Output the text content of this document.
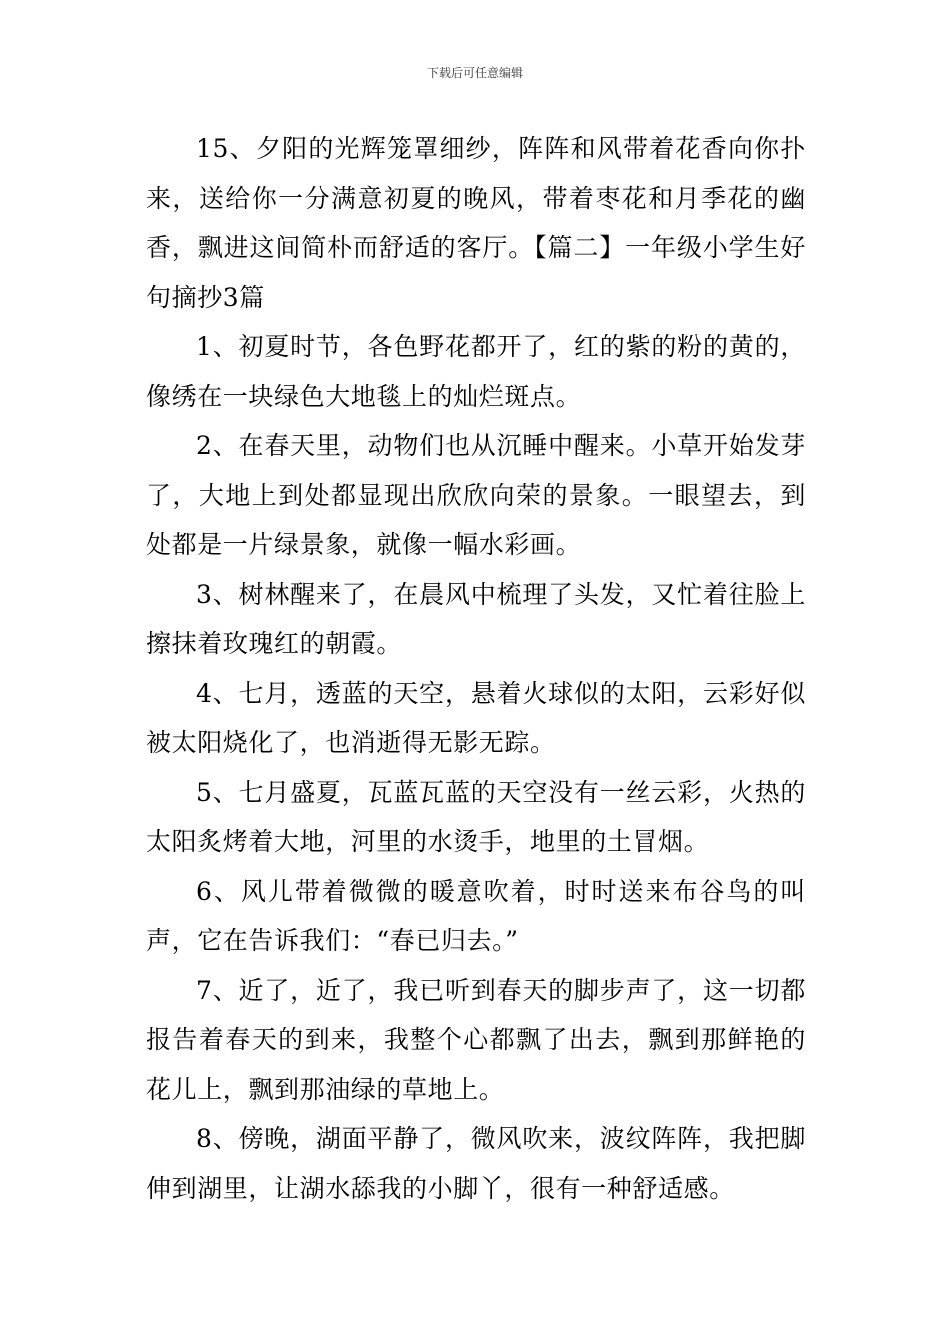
下载后可任意编辑

15、夕阳的光辉笼罩细纱，阵阵和风带着花香向你扑来，送给你一分满意初夏的晚风，带着枣花和月季花的幽香，飘进这间简朴而舒适的客厅。【篇二】一年级小学生好句摘抄3篇

1、初夏时节，各色野花都开了，红的紫的粉的黄的，像绣在一块绿色大地毯上的灿烂斑点。

2、在春天里，动物们也从沉睡中醒来。小草开始发芽了，大地上到处都显现出欣欣向荣的景象。一眼望去，到处都是一片绿景象，就像一幅水彩画。

3、树林醒来了，在晨风中梳理了头发，又忙着往脸上擦抹着玫瑰红的朝霞。

4、七月，透蓝的天空，悬着火球似的太阳，云彩好似被太阳烧化了，也消逝得无影无踪。

5、七月盛夏，瓦蓝瓦蓝的天空没有一丝云彩，火热的太阳炙烤着大地，河里的水烫手，地里的土冒烟。

6、风儿带着微微的暖意吹着，时时送来布谷鸟的叫声，它在告诉我们：“春已归去。”

7、近了，近了，我已听到春天的脚步声了，这一切都报告着春天的到来，我整个心都飘了出去，飘到那鲜艳的花儿上，飘到那油绿的草地上。

8、傍晚，湖面平静了，微风吹来，波纹阵阵，我把脚伸到湖里，让湖水舔我的小脚丫，很有一种舒适感。
